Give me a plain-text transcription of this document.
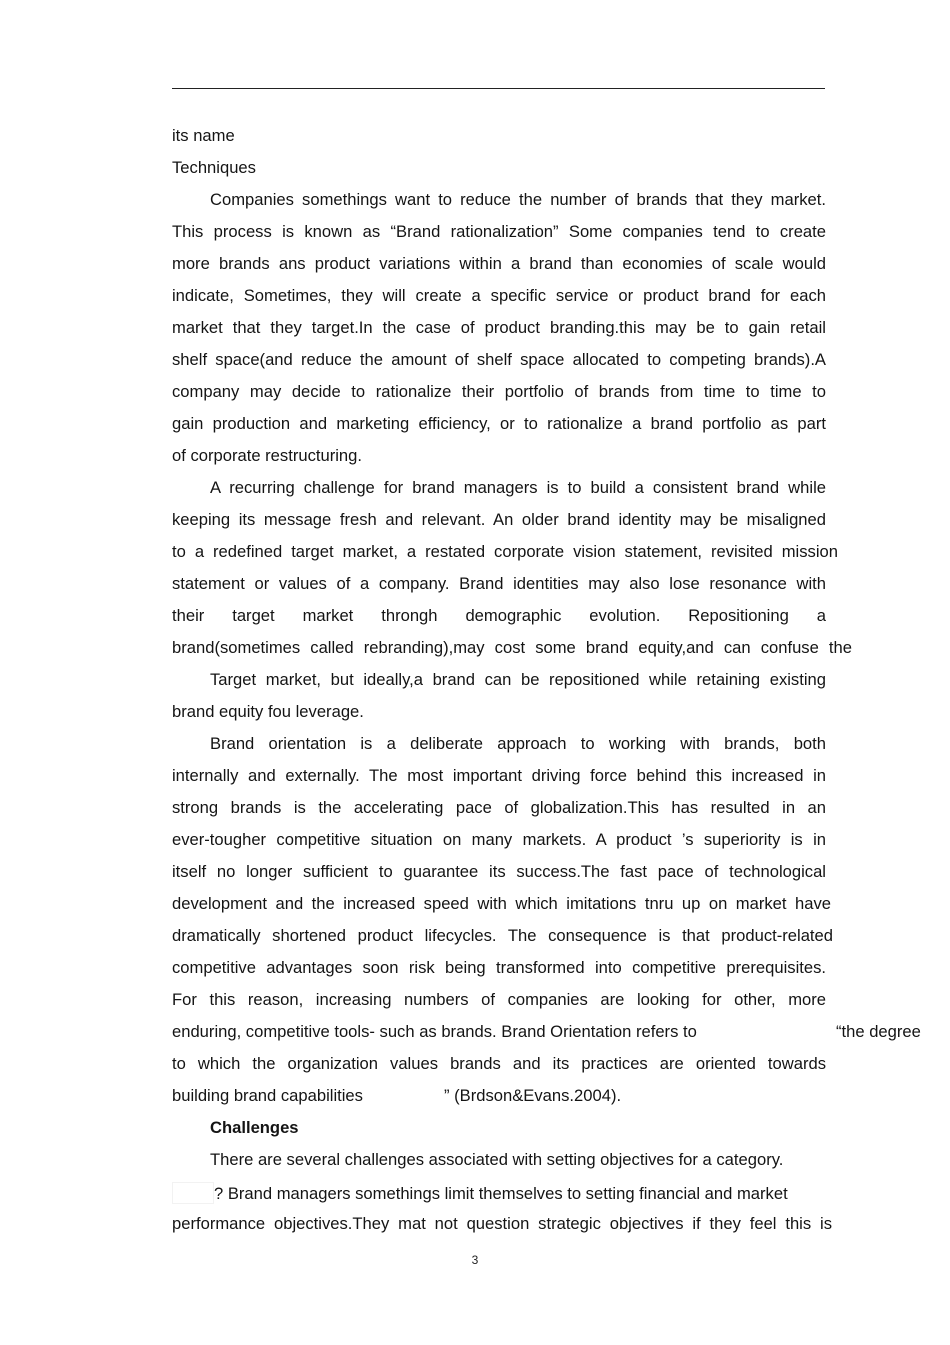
its name
Techniques
Companies somethings want to reduce the number of brands that they market.
This process is known as “Brand rationalization” Some companies tend to create
more brands ans product variations within a brand than economies of scale would
indicate, Sometimes, they will create a specific service or product brand for each
market that they target.In the case of product branding.this may be to gain retail
shelf space(and reduce the amount of shelf space allocated to competing brands).A
company may decide to rationalize their portfolio of brands from time to time to
gain production and marketing efficiency, or to rationalize a brand portfolio as part
of corporate restructuring.
A recurring challenge for brand managers is to build a consistent brand while
keeping its message fresh and relevant. An older brand identity may be misaligned
to a redefined target market, a restated corporate vision statement, revisited mission
statement or values of a company. Brand identities may also lose resonance with
their target market throngh demographic evolution. Repositioning a
brand(sometimes called rebranding),may cost some brand equity,and can confuse the
Target market, but ideally,a brand can be repositioned while retaining existing
brand equity fou leverage.
Brand orientation is a deliberate approach to working with brands, both
internally and externally. The most important driving force behind this increased in
strong brands is the accelerating pace of globalization.This has resulted in an
ever-tougher competitive situation on many markets. A product ’s superiority is in
itself no longer sufficient to guarantee its success.The fast pace of technological
development and the increased speed with which imitations tnru up on market have
dramatically shortened product lifecycles. The consequence is that product-related
competitive advantages soon risk being transformed into competitive prerequisites.
For this reason, increasing numbers of companies are looking for other, more
enduring, competitive tools- such as brands. Brand Orientation refers to	“the degree
to which the organization values brands and its practices are oriented towards
building brand capabilities	” (Brdson&Evans.2004).
Challenges
There are several challenges associated with setting objectives for a category.
? Brand managers somethings limit themselves to setting financial and market
performance objectives.They mat not question strategic objectives if they feel this is
3
